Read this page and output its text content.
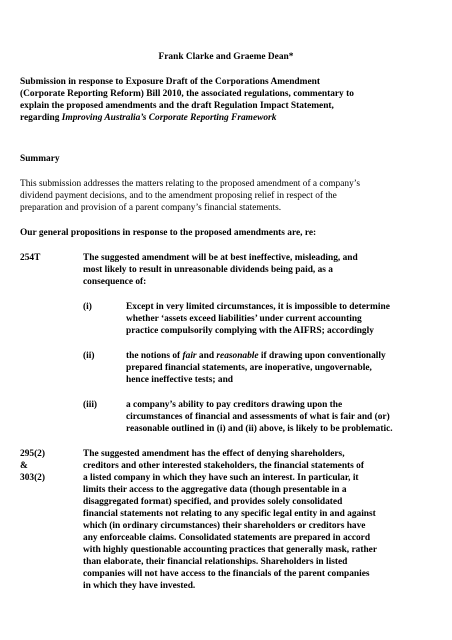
Frank Clarke and Graeme Dean*
Submission in response to Exposure Draft of the Corporations Amendment
(Corporate Reporting Reform) Bill 2010, the associated regulations, commentary to
explain the proposed amendments and the draft Regulation Impact Statement,
regarding Improving Australia’s Corporate Reporting Framework
Summary
This submission addresses the matters relating to the proposed amendment of a company’s
dividend payment decisions, and to the amendment proposing relief in respect of the
preparation and provision of a parent company’s financial statements.
Our general propositions in response to the proposed amendments are, re:
254T	The suggested amendment will be at best ineffective, misleading, and
most likely to result in unreasonable dividends being paid, as a
consequence of:
(i)	Except in very limited circumstances, it is impossible to determine
whether ‘assets exceed liabilities’ under current accounting
practice compulsorily complying with the AIFRS; accordingly
(ii)	the notions of fair and reasonable if drawing upon conventionally
prepared financial statements, are inoperative, ungovernable,
hence ineffective tests; and
(iii)	a company’s ability to pay creditors drawing upon the
circumstances of financial and assessments of what is fair and (or)
reasonable outlined in (i) and (ii) above, is likely to be problematic.
295(2)
&
303(2)
The suggested amendment has the effect of denying shareholders,
creditors and other interested stakeholders, the financial statements of
a listed company in which they have such an interest. In particular, it
limits their access to the aggregative data (though presentable in a
disaggregated format) specified, and provides solely consolidated
financial statements not relating to any specific legal entity in and against
which (in ordinary circumstances) their shareholders or creditors have
any enforceable claims. Consolidated statements are prepared in accord
with highly questionable accounting practices that generally mask, rather
than elaborate, their financial relationships. Shareholders in listed
companies will not have access to the financials of the parent companies
in which they have invested.
